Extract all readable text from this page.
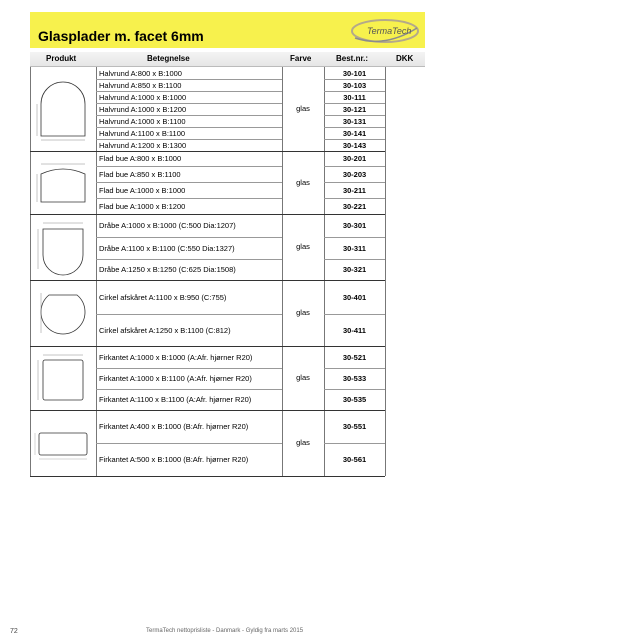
Glasplader m. facet 6mm	TermaTech
Produkt	Betegnelse	Farve	Best.nr.:	DKK
glas
Halvrund A:800 x B:1000	30-101
Halvrund A:850 x B:1100	30-103
Halvrund A:1000 x B:1000	30-111
Halvrund A:1000 x B:1200	30-121
Halvrund A:1000 x B:1100	30-131
Halvrund A:1100 x B:1100	30-141
Halvrund A:1200 x B:1300	30-143
glas
Flad bue A:800 x B:1000	30-201
Flad bue A:850 x B:1100	30-203
Flad bue A:1000 x B:1000	30-211
Flad bue A:1000 x B:1200	30-221
glas
Dråbe A:1000 x B:1000 (C:500 Dia:1207)	30-301
Dråbe A:1100 x B:1100 (C:550 Dia:1327)	30-311
Dråbe A:1250 x B:1250 (C:625 Dia:1508)	30-321
glas
Cirkel afskåret A:1100 x B:950 (C:755)	30-401
Cirkel afskåret A:1250 x B:1100 (C:812)	30-411
glas
Firkantet A:1000 x B:1000 (A:Afr. hjørner R20)	30-521
Firkantet A:1000 x B:1100 (A:Afr. hjørner R20)	30-533
Firkantet A:1100 x B:1100 (A:Afr. hjørner R20)	30-535
glas
Firkantet A:400 x B:1000 (B:Afr. hjørner R20)	30-551
Firkantet A:500 x B:1000 (B:Afr. hjørner R20)	30-561
72	TermaTech nettoprisliste - Danmark - Gyldig fra marts 2015
